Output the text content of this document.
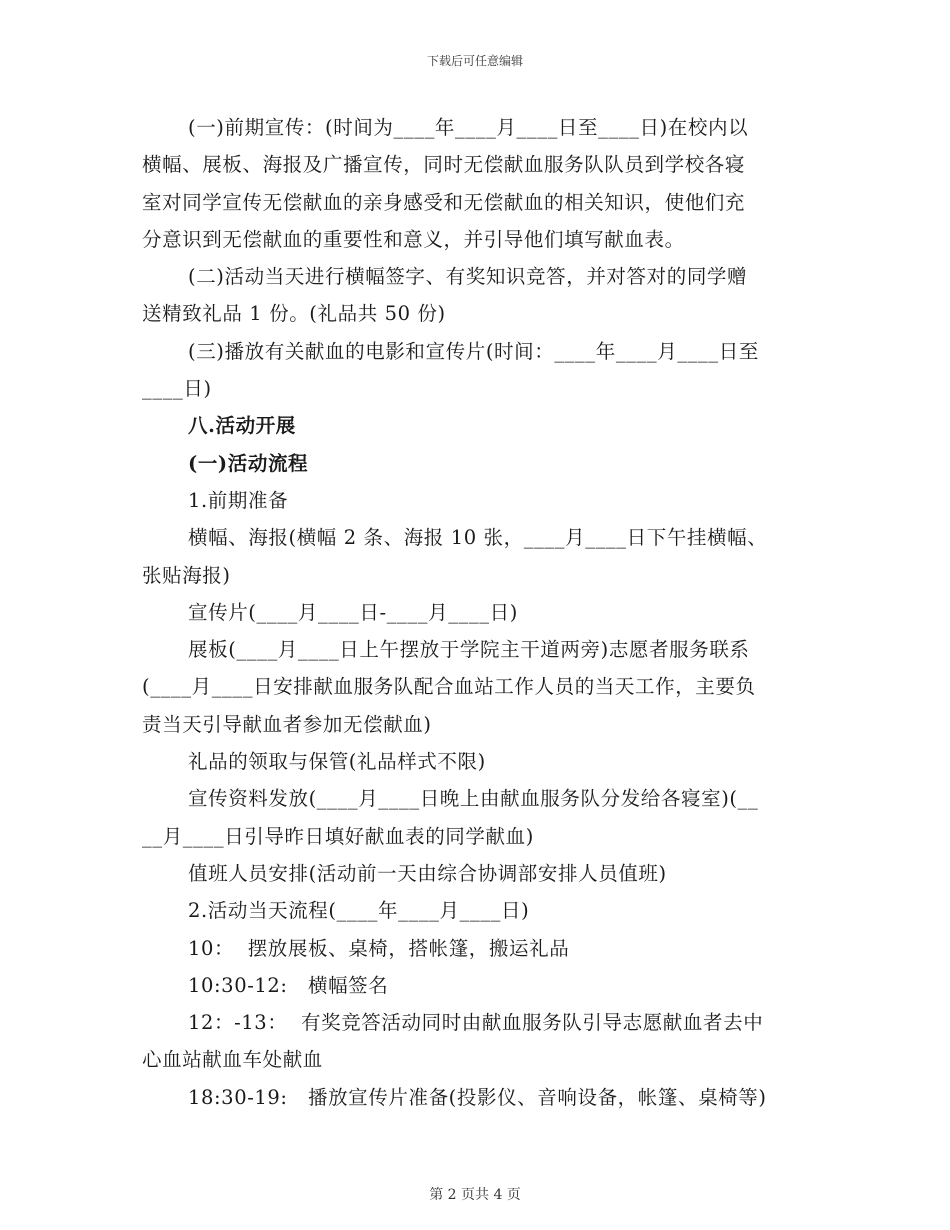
下载后可任意编辑
(一)前期宣传：(时间为____年____月____日至____日)在校内以
横幅、展板、海报及广播宣传，同时无偿献血服务队队员到学校各寝
室对同学宣传无偿献血的亲身感受和无偿献血的相关知识，使他们充
分意识到无偿献血的重要性和意义，并引导他们填写献血表。
(二)活动当天进行横幅签字、有奖知识竞答，并对答对的同学赠
送精致礼品 1 份。(礼品共 50 份)
(三)播放有关献血的电影和宣传片(时间：____年____月____日至
____日)
八.活动开展
(一)活动流程
1.前期准备
横幅、海报(横幅 2 条、海报 10 张，____月____日下午挂横幅、
张贴海报)
宣传片(____月____日-____月____日)
展板(____月____日上午摆放于学院主干道两旁)志愿者服务联系
(____月____日安排献血服务队配合血站工作人员的当天工作，主要负
责当天引导献血者参加无偿献血)
礼品的领取与保管(礼品样式不限)
宣传资料发放(____月____日晚上由献血服务队分发给各寝室)(__
__月____日引导昨日填好献血表的同学献血)
值班人员安排(活动前一天由综合协调部安排人员值班)
2.活动当天流程(____年____月____日)
10：  摆放展板、桌椅，搭帐篷，搬运礼品
10:30-12:   横幅签名
12：-13：  有奖竞答活动同时由献血服务队引导志愿献血者去中
心血站献血车处献血
18:30-19:   播放宣传片准备(投影仪、音响设备，帐篷、桌椅等)
第 2 页共 4 页
